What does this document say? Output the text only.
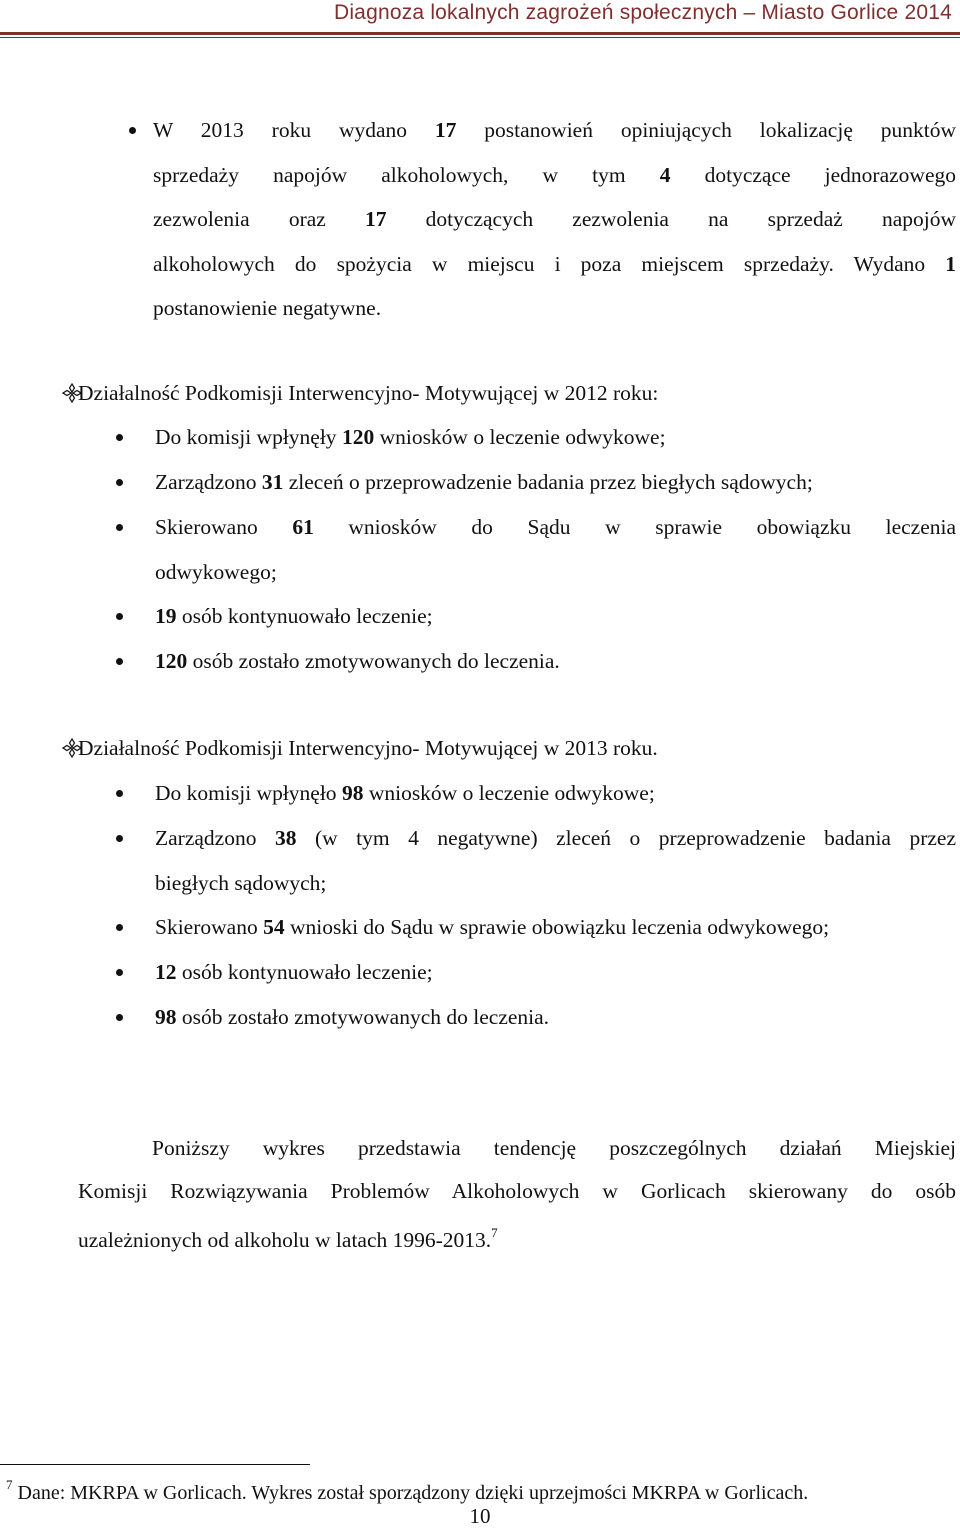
Diagnoza lokalnych zagrożeń społecznych – Miasto Gorlice 2014

W 2013 roku wydano 17 postanowień opiniujących lokalizację punktów

sprzedaży napojów alkoholowych, w tym 4 dotyczące jednorazowego

zezwolenia oraz 17 dotyczących zezwolenia na sprzedaż napojów

alkoholowych do spożycia w miejscu i poza miejscem sprzedaży. Wydano 1

postanowienie negatywne.

Działalność Podkomisji Interwencyjno- Motywującej w 2012 roku:
Do komisji wpłynęły 120 wniosków o leczenie odwykowe;
Zarządzono 31 zleceń o przeprowadzenie badania przez biegłych sądowych;
Skierowano 61 wniosków do Sądu w sprawie obowiązku leczenia
odwykowego;
19 osób kontynuowało leczenie;
120 osób zostało zmotywowanych do leczenia.
Działalność Podkomisji Interwencyjno- Motywującej w 2013 roku.
Do komisji wpłynęło 98 wniosków o leczenie odwykowe;
Zarządzono 38 (w tym 4 negatywne) zleceń o przeprowadzenie badania przez
biegłych sądowych;
Skierowano 54 wnioski do Sądu w sprawie obowiązku leczenia odwykowego;
12 osób kontynuowało leczenie;
98 osób zostało zmotywowanych do leczenia.
Poniższy wykres przedstawia tendencję poszczególnych działań Miejskiej
Komisji Rozwiązywania Problemów Alkoholowych w Gorlicach skierowany do osób
uzależnionych od alkoholu w latach 1996-2013.$^7$
$^7$ Dane: MKRPA w Gorlicach. Wykres został sporządzony dzięki uprzejmości MKRPA w Gorlicach.
10
